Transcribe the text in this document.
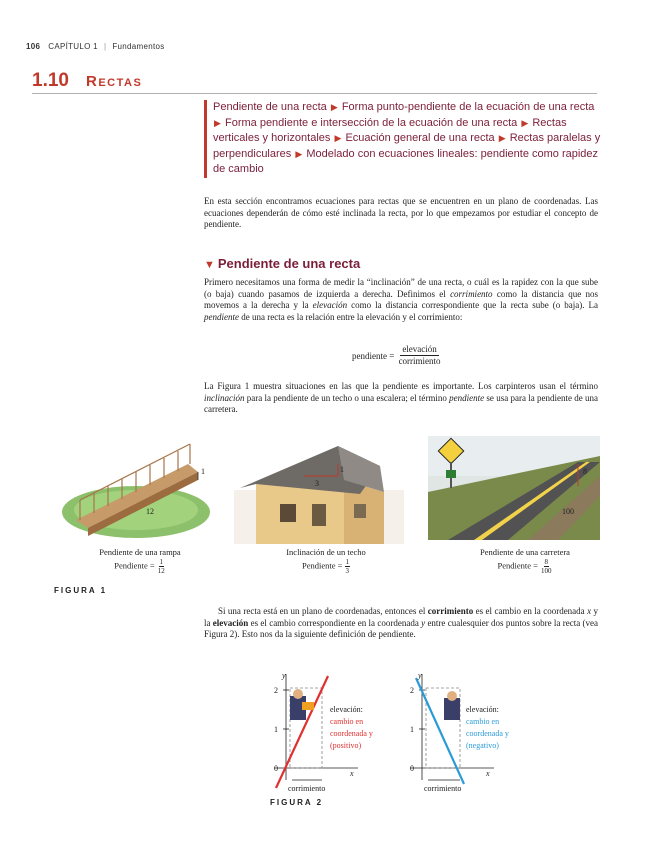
106 CAPÍTULO 1 | Fundamentos
1.10 Rectas
Pendiente de una recta ▶ Forma punto-pendiente de la ecuación de una recta ▶ Forma pendiente e intersección de la ecuación de una recta ▶ Rectas verticales y horizontales ▶ Ecuación general de una recta ▶ Rectas paralelas y perpendiculares ▶ Modelado con ecuaciones lineales: pendiente como rapidez de cambio
En esta sección encontramos ecuaciones para rectas que se encuentren en un plano de coordenadas. Las ecuaciones dependerán de cómo esté inclinada la recta, por lo que empezamos por estudiar el concepto de pendiente.
▼ Pendiente de una recta
Primero necesitamos una forma de medir la “inclinación” de una recta, o cuál es la rapidez con la que sube (o baja) cuando pasamos de izquierda a derecha. Definimos el corrimiento como la distancia que nos movemos a la derecha y la elevación como la distancia correspondiente que la recta sube (o baja). La pendiente de una recta es la relación entre la elevación y el corrimiento:
pendiente =
$\frac{\text{elevación}}{\text{corrimiento}}$
La Figura 1 muestra situaciones en las que la pendiente es importante. Los carpinteros usan el término inclinación para la pendiente de un techo o una escalera; el término pendiente se usa para la pendiente de una carretera.
1
12
3
1	8
100
Pendiente de una rampa
Pendiente = $\frac{1}{12}$
Inclinación de un techo
Pendiente = $\frac{1}{3}$
Pendiente de una carretera
Pendiente = $\frac{8}{100}$
FIGURA 1
Si una recta está en un plano de coordenadas, entonces el corrimiento es el cambio en la coordenada x y la elevación es el cambio correspondiente en la coordenada y entre cualesquier dos puntos sobre la recta (vea Figura 2). Esto nos da la siguiente definición de pendiente.
y
x
2
1
0
elevación:
cambio en
coordenada y
(positivo)
corrimiento
y
x
2
1
0
elevación:
cambio en
coordenada y
(negativo)
corrimiento
FIGURA 2
